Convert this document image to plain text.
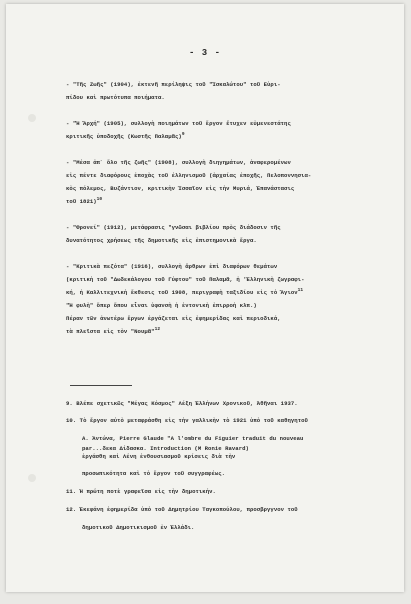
- 3 -
- "Τῆς Ζωῆς" (1904), ἐκτενῆ περίληψις τοῦ "Ἰσκαλώτου" τοῦ Εὐρι-
πίδου καὶ πρωτότυπα ποιήματα.
- "Ἡ Ἄρχή" (1905), συλλογὴ ποιημάτων τοῦ ἔργον ἔτυχεν εὐμενεστάτης
κριτικῆς ὑποδοχῆς (Κωστῆς Παλαμᾶς)$^9$
- "Μέσα ἀπ᾿ ὅλο τῆς ζωῆς" (1908), συλλογὴ διηγημάτων, ἀναφερομένων
εἰς πέντε διαφόρους ἐποχὰς τοῦ ἑλληνισμοῦ (ἀρχαίας ἐποχῆς, Πελοποννησια-
κὸς πόλεμος, Βυζάντιον, κριτικὴν Ἰσσαῖον εἰς τὴν Μυριά, Ἐπανάστασις
τοῦ 1821)$^{10}$
- "Φρονεί" (1912), μετάφρασις "γνῶσαι βιβλίου πρὸς διάδοσιν τῆς
δυνατότητος χρήσεως τῆς δημοτικῆς εἰς ἐπιστημονικὰ ἔργα.
- "Κριτικὰ πεζότα" (1916), συλλογὴ ἄρθρων ἐπὶ διαφόρων θεμάτων
(κριτικὴ τοῦ "Δωδεκάλογου τοῦ Γύφτου" τοῦ Παλαμᾶ, ἡ 'Ἑλληνικὴ ζωγραφι-
κή, ἡ Καλλιτεχνικὴ ἔκθεσις τοῦ 1908, περιγραφὴ ταξιδίου εἰς τὸ Ἄγιον$^{11}$
"Ἡ φυλὴ" ὅπερ ὅπου εἶναι ὑφανσὴ ἡ ἐντονικὴ ἐπιρροὴ κλπ.)
Πέραν τῶν ἀνωτέρω ἔργων ἐργάζεται εἰς ἐφημερίδας καὶ περιοδικά,
τὰ πλεῖστα εἰς τὸν "Νουμᾶ"$^{12}$
9. Βλέπε σχετικῶς "Μέγας Κόσμος" Λέξη Ἑλλήνων Χρονικοῦ, Ἀθῆναι 1937.
10. Τὸ ἔργον αὐτὸ μεταφράσθη εἰς τὴν γαλλικὴν τὸ 1921 ὑπὸ τοῦ καθηγητοῦ
Α. Ἀντώνα, Pierre Glaude "A l'ombre du Figuier traduit du nouveau
par...δεκα Δίδασκα. Introduction (M Ronie Ravard)
ἐργάσθη καὶ Λένη ἐνθουσιασμοῦ κρίσεις διὰ τὴν
προσωπικότητα καὶ τὸ ἔργον τοῦ συγγραφέως.
11. Ἡ πρώτη ποτὲ γραφεῖσα εἰς τὴν δημοτικήν.
12. Ἐκεφάνη ἐφημερίδα ὑπὸ τοῦ Δημητρίου Ταγκοπούλου, προσβργγνον τοῦ
δημοτικοῦ Δημοτικισμοῦ ἐν Ἑλλάδι.
